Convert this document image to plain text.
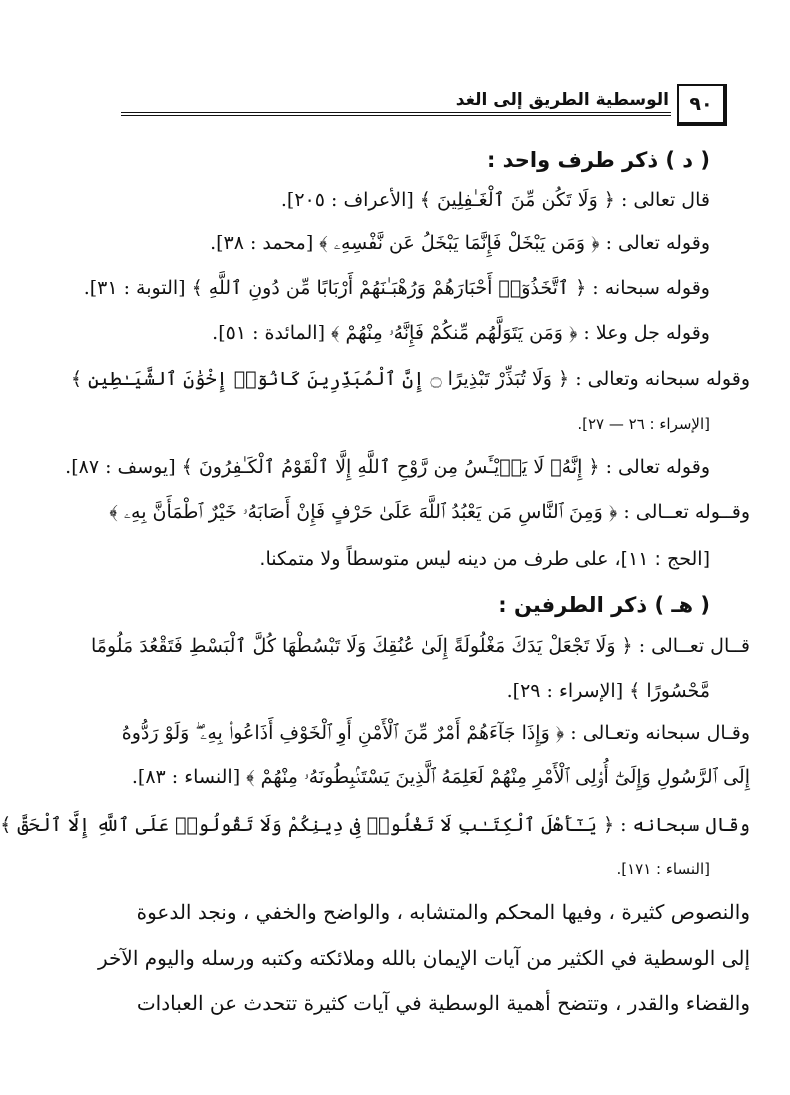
٩٠
الوسطية الطريق إلى الغد
( د ) ذكر طرف واحد :
قال تعالى : ﴿ وَلَا تَكُن مِّنَ ٱلْغَـٰفِلِينَ ﴾ [الأعراف : ٢٠٥].
وقوله تعالى : ﴿ وَمَن يَبْخَلْ فَإِنَّمَا يَبْخَلُ عَن نَّفْسِهِۦ ﴾ [محمد : ٣٨].
وقوله سبحانه : ﴿ ٱتَّخَذُوٓا۟ أَحْبَارَهُمْ وَرُهْبَـٰنَهُمْ أَرْبَابًا مِّن دُونِ ٱللَّهِ ﴾ [التوبة : ٣١].
وقوله جل وعلا : ﴿ وَمَن يَتَوَلَّهُم مِّنكُمْ فَإِنَّهُۥ مِنْهُمْ ﴾ [المائدة : ٥١].
وقوله سبحانه وتعالى : ﴿ وَلَا تُبَذِّرْ تَبْذِيرًا ۝ إِنَّ ٱلْمُبَذِّرِينَ كَانُوٓا۟ إِخْوَٰنَ ٱلشَّيَـٰطِينِ ﴾
[الإسراء : ٢٦ — ٢٧].
وقوله تعالى : ﴿ إِنَّهُۥ لَا يَا۟يْـَٔسُ مِن رَّوْحِ ٱللَّهِ إِلَّا ٱلْقَوْمُ ٱلْكَـٰفِرُونَ ﴾ [يوسف : ٨٧].
وقــوله تعــالى : ﴿ وَمِنَ ٱلنَّاسِ مَن يَعْبُدُ ٱللَّهَ عَلَىٰ حَرْفٍ فَإِنْ أَصَابَهُۥ خَيْرٌ ٱطْمَأَنَّ بِهِۦ ﴾
[الحج : ١١]، على طرف من دينه ليس متوسطاً ولا متمكنا.
( هـ ) ذكر الطرفين :
قــال تعــالى : ﴿ وَلَا تَجْعَلْ يَدَكَ مَغْلُولَةً إِلَىٰ عُنُقِكَ وَلَا تَبْسُطْهَا كُلَّ ٱلْبَسْطِ فَتَقْعُدَ مَلُومًا
مَّحْسُورًا ﴾ [الإسراء : ٢٩].
وقـال سبحانه وتعـالى : ﴿ وَإِذَا جَآءَهُمْ أَمْرٌ مِّنَ ٱلْأَمْنِ أَوِ ٱلْخَوْفِ أَذَاعُوا۟ بِهِۦ ۖ وَلَوْ رَدُّوهُ
إِلَى ٱلرَّسُولِ وَإِلَىٰٓ أُو۟لِى ٱلْأَمْرِ مِنْهُمْ لَعَلِمَهُ ٱلَّذِينَ يَسْتَنۢبِطُونَهُۥ مِنْهُمْ ﴾ [النساء : ٨٣].
وقال سبحانه : ﴿ يَـٰٓأَهْلَ ٱلْكِتَـٰبِ لَا تَغْلُوا۟ فِى دِينِكُمْ وَلَا تَقُولُوا۟ عَلَى ٱللَّهِ إِلَّا ٱلْحَقَّ ﴾
[النساء : ١٧١].
والنصوص كثيرة ، وفيها المحكم والمتشابه ، والواضح والخفي ، ونجد الدعوة
إلى الوسطية في الكثير من آيات الإيمان بالله وملائكته وكتبه ورسله واليوم الآخر
والقضاء والقدر ، وتتضح أهمية الوسطية في آيات كثيرة تتحدث عن العبادات
